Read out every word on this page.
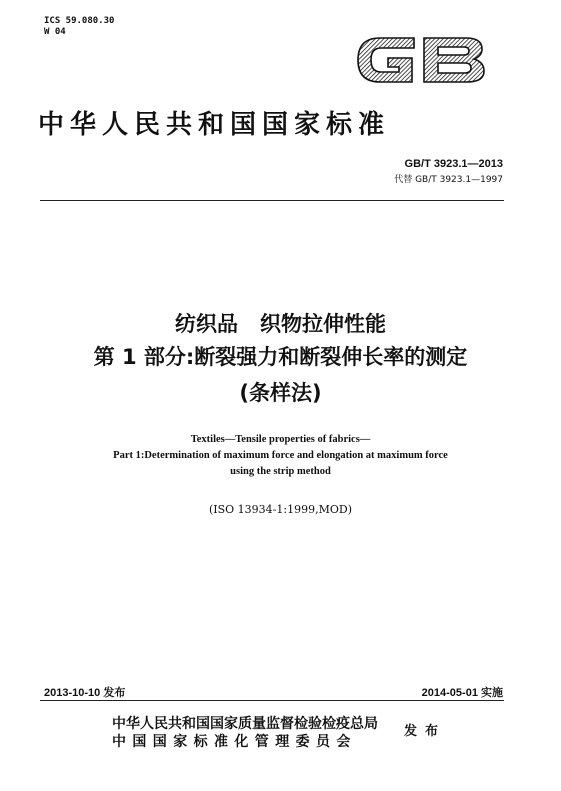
ICS 59.080.30
W 04
中华人民共和国国家标准
GB/T 3923.1—2013
代替 GB/T 3923.1—1997
纺织品   织物拉伸性能
第 1 部分:断裂强力和断裂伸长率的测定
(条样法)
Textiles—Tensile properties of fabrics—
Part 1:Determination of maximum force and elongation at maximum force
using the strip method
(ISO 13934-1:1999,MOD)
2013-10-10 发布	2014-05-01 实施
中华人民共和国国家质量监督检验检疫总局
中国国家标准化管理委员会
发布
